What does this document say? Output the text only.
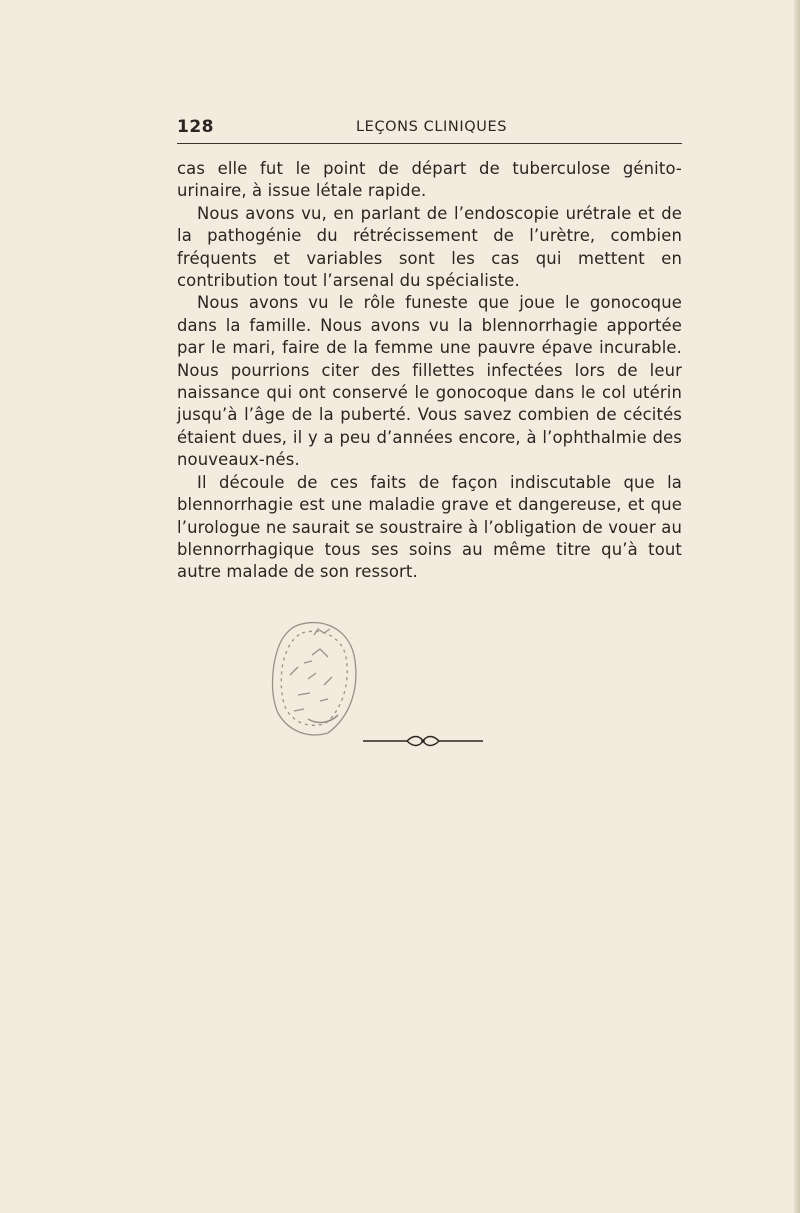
128	LEÇONS CLINIQUES

cas elle fut le point de départ de tuberculose génito-urinaire, à issue létale rapide.

Nous avons vu, en parlant de l’endoscopie urétrale et de la pathogénie du rétrécissement de l’urètre, combien fréquents et variables sont les cas qui mettent en contribution tout l’arsenal du spécialiste.

Nous avons vu le rôle funeste que joue le gonocoque dans la famille. Nous avons vu la blennorrhagie apportée par le mari, faire de la femme une pauvre épave incurable. Nous pourrions citer des fillettes infectées lors de leur naissance qui ont conservé le gonocoque dans le col utérin jusqu’à l’âge de la puberté. Vous savez combien de cécités étaient dues, il y a peu d’années encore, à l’ophthalmie des nouveaux-nés.

Il découle de ces faits de façon indiscutable que la blennorrhagie est une maladie grave et dangereuse, et que l’urologue ne saurait se soustraire à l’obligation de vouer au blennorrhagique tous ses soins au même titre qu’à tout autre malade de son ressort.
